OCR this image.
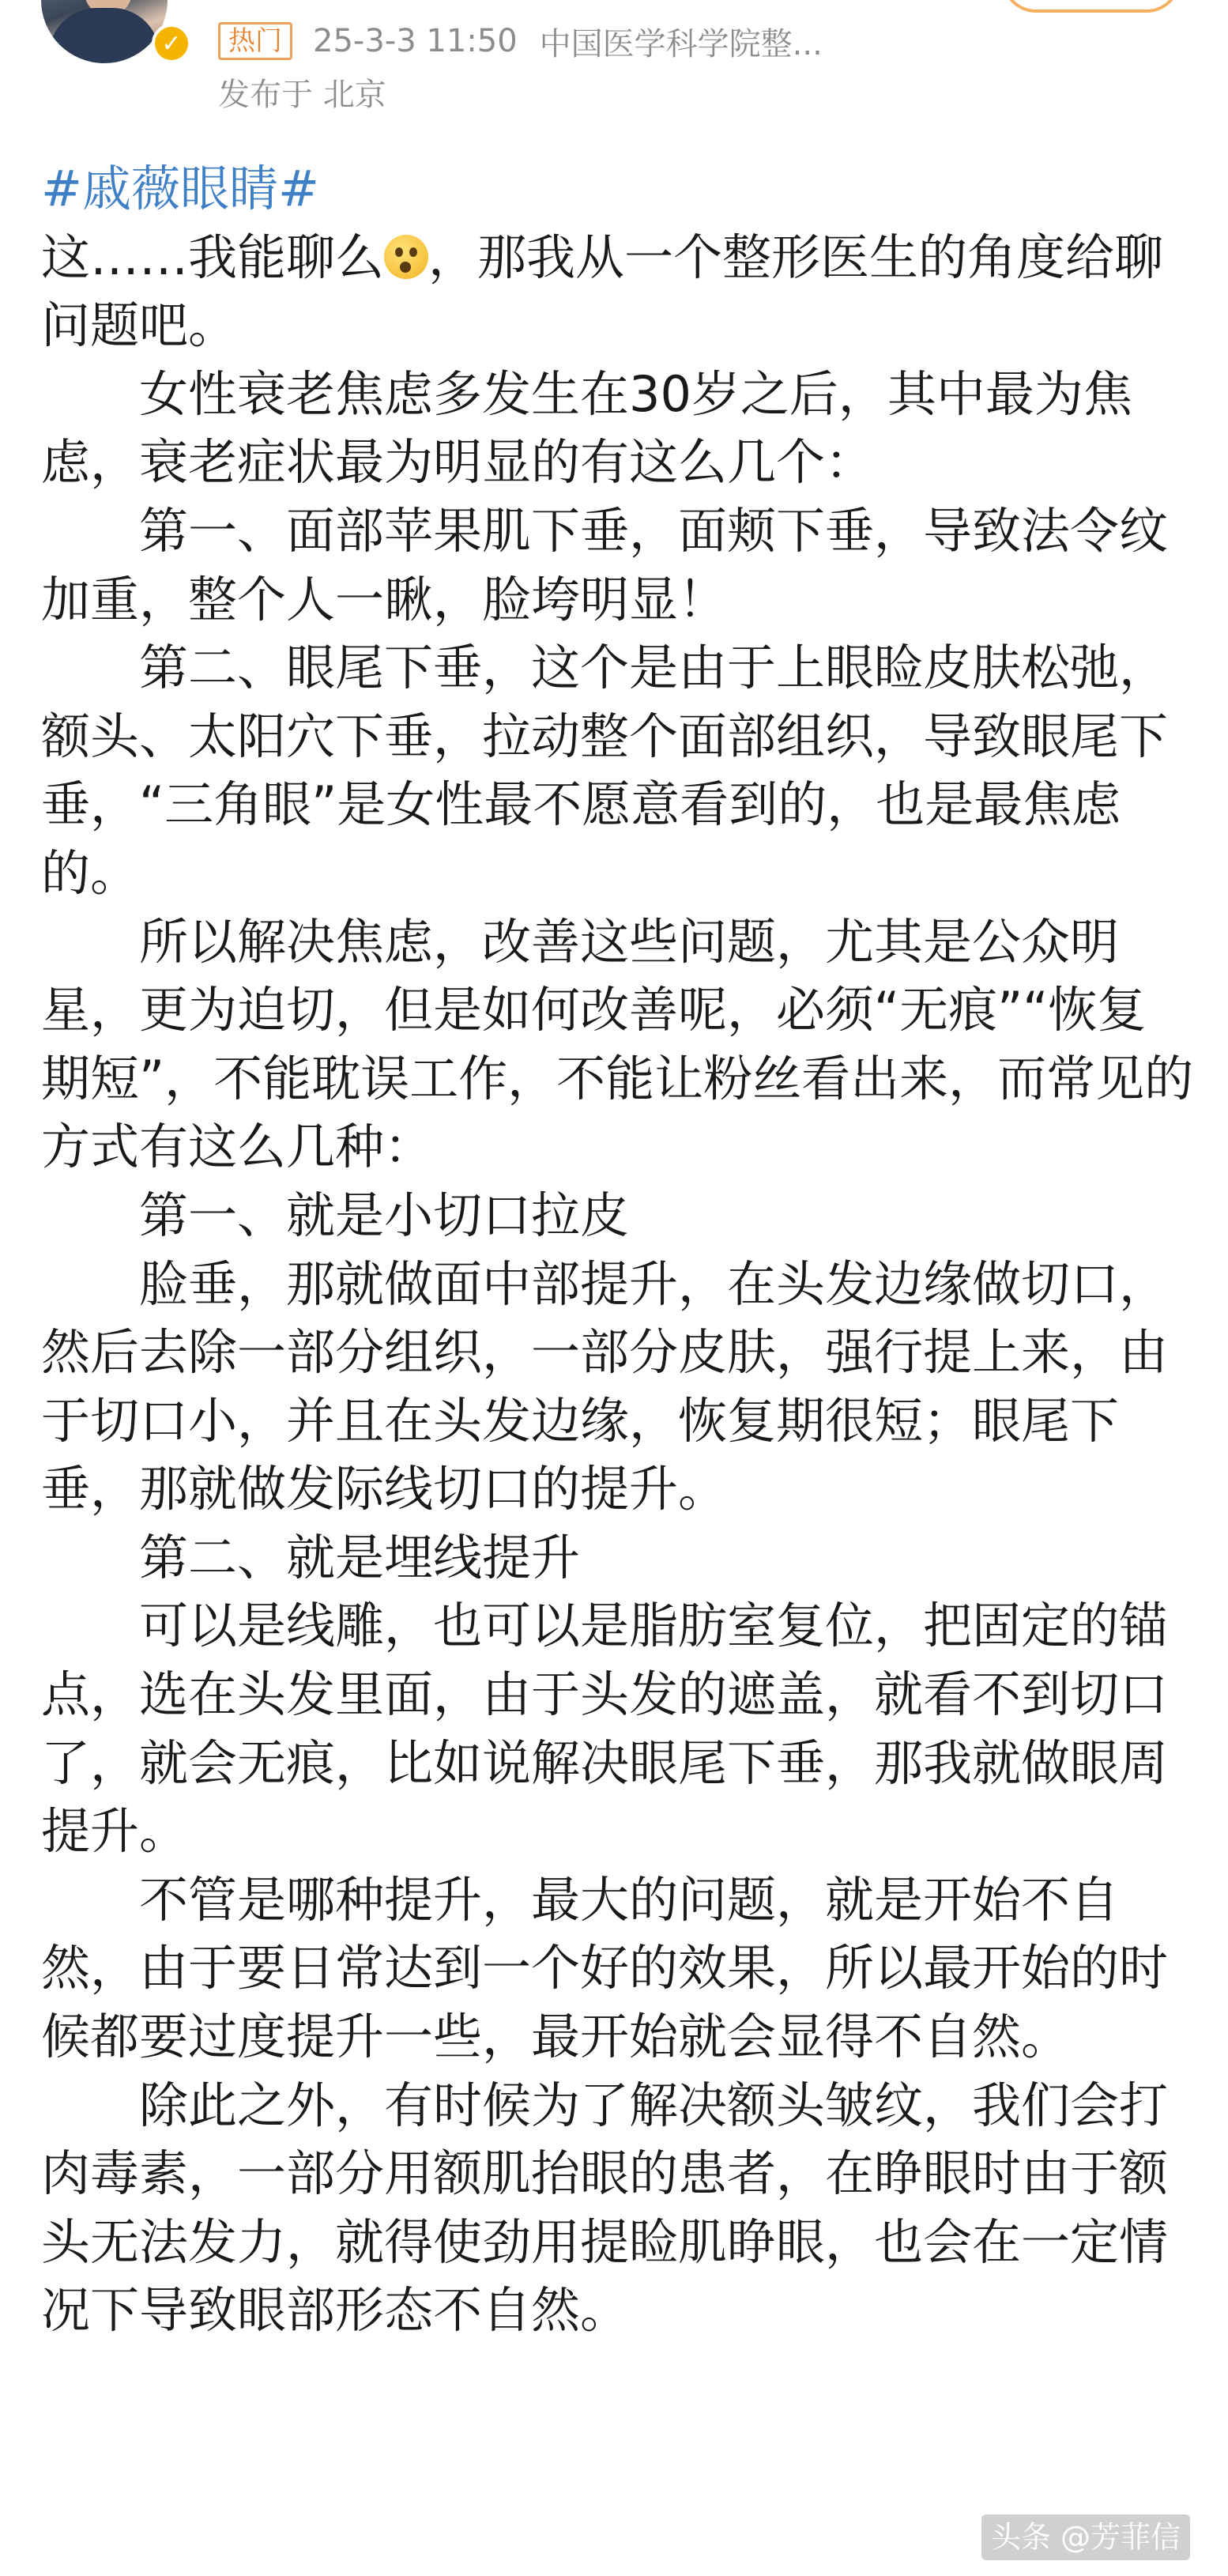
✓	热门 25-3-3 11:50 中国医学科学院整...
发布于 北京
#戚薇眼睛#

这……我能聊么 ，那我从一个整形医生的角度给聊问题吧。

女性衰老焦虑多发生在30岁之后，其中最为焦虑，衰老症状最为明显的有这么几个：

第一、面部苹果肌下垂，面颊下垂，导致法令纹加重，整个人一瞅，脸垮明显！

第二、眼尾下垂，这个是由于上眼睑皮肤松弛，额头、太阳穴下垂，拉动整个面部组织，导致眼尾下垂，“三角眼”是女性最不愿意看到的，也是最焦虑的。

所以解决焦虑，改善这些问题，尤其是公众明星，更为迫切，但是如何改善呢，必须“无痕”“恢复期短”，不能耽误工作，不能让粉丝看出来，而常见的方式有这么几种：

第一、就是小切口拉皮

脸垂，那就做面中部提升，在头发边缘做切口，然后去除一部分组织，一部分皮肤，强行提上来，由于切口小，并且在头发边缘，恢复期很短；眼尾下垂，那就做发际线切口的提升。

第二、就是埋线提升

可以是线雕，也可以是脂肪室复位，把固定的锚点，选在头发里面，由于头发的遮盖，就看不到切口了，就会无痕，比如说解决眼尾下垂，那我就做眼周提升。

不管是哪种提升，最大的问题，就是开始不自然，由于要日常达到一个好的效果，所以最开始的时候都要过度提升一些，最开始就会显得不自然。

除此之外，有时候为了解决额头皱纹，我们会打肉毒素，一部分用额肌抬眼的患者，在睁眼时由于额头无法发力，就得使劲用提睑肌睁眼，也会在一定情况下导致眼部形态不自然。

头条 @芳菲信
